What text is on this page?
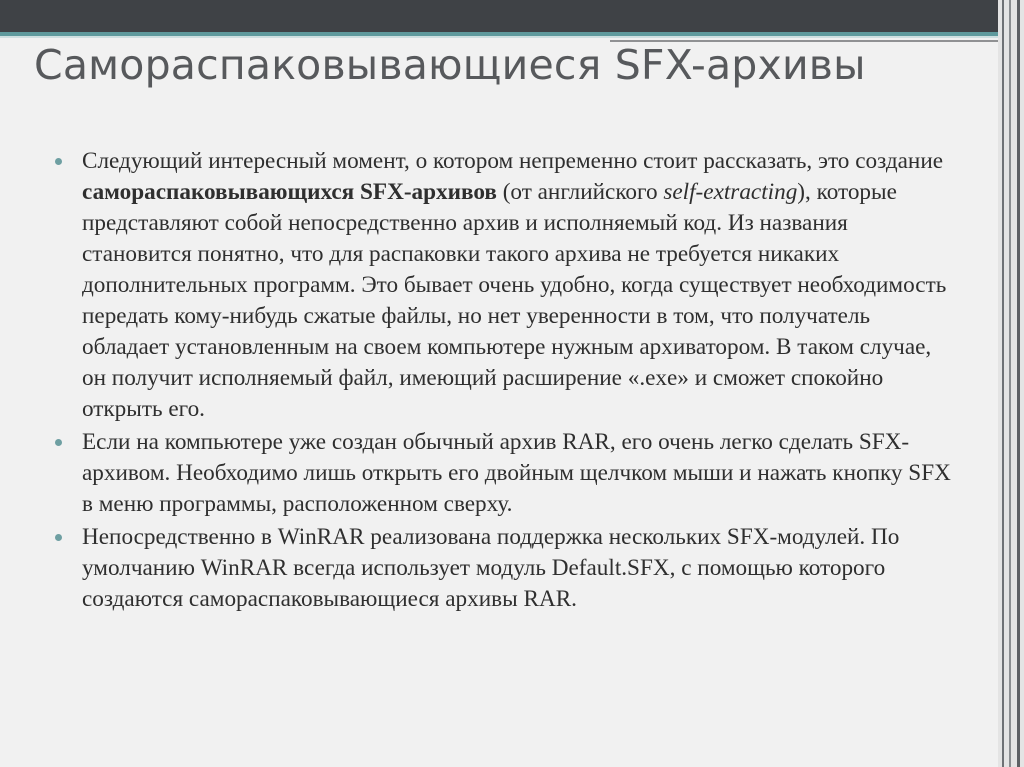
Самораспаковывающиеся SFX-архивы
Следующий интересный момент, о котором непременно стоит рассказать, это создание самораспаковывающихся SFX-архивов (от английского self-extracting), которые представляют собой непосредственно архив и исполняемый код. Из названия становится понятно, что для распаковки такого архива не требуется никаких дополнительных программ. Это бывает очень удобно, когда существует необходимость передать кому-нибудь сжатые файлы, но нет уверенности в том, что получатель обладает установленным на своем компьютере нужным архиватором. В таком случае, он получит исполняемый файл, имеющий расширение «.exe» и сможет спокойно открыть его.
Если на компьютере уже создан обычный архив RAR, его очень легко сделать SFX-архивом. Необходимо лишь открыть его двойным щелчком мыши и нажать кнопку SFX в меню программы, расположенном сверху.
Непосредственно в WinRAR реализована поддержка нескольких SFX-модулей. По умолчанию WinRAR всегда использует модуль Default.SFX, с помощью которого создаются самораспаковывающиеся архивы RAR.
